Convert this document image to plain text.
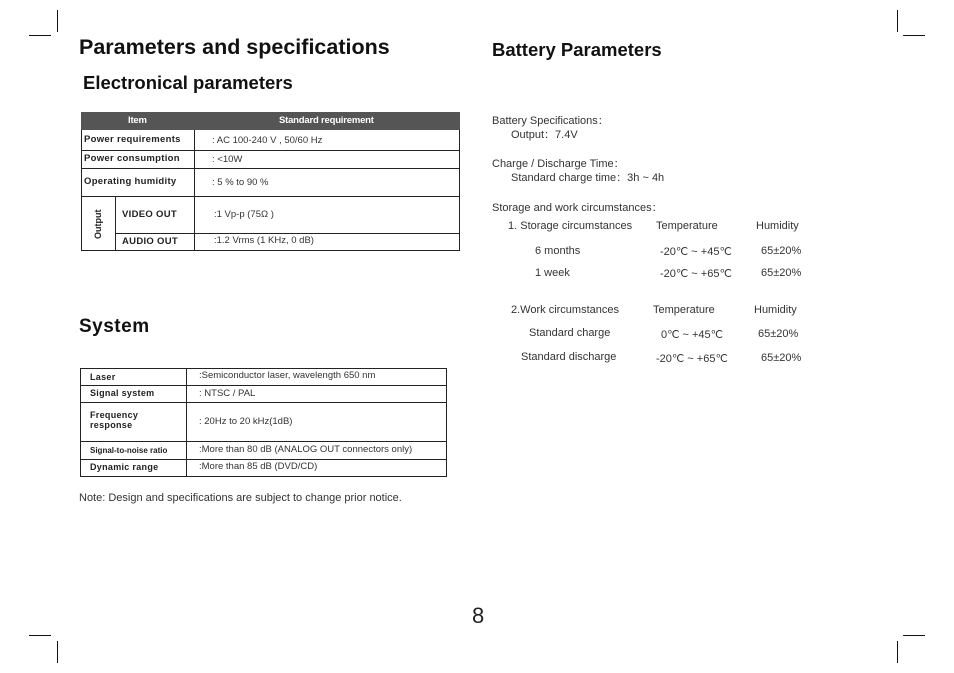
Parameters and specifications
Electronical parameters
Item	Standard requirement
Power requirements	: AC 100-240 V , 50/60 Hz
Power consumption	: <10W
Operating humidity	: 5 % to 90 %
Output VIDEO OUT	:1 Vp-p (75Ω )
AUDIO OUT	:1.2 Vrms (1 KHz, 0 dB)
System
Laser	:Semiconductor laser, wavelength 650 nm
Signal system	: NTSC / PAL
Frequency
response	: 20Hz to 20 kHz(1dB)
Signal-to-noise ratio	:More than 80 dB (ANALOG OUT connectors only)
Dynamic range	:More than 85 dB (DVD/CD)
Note: Design and specifications are subject to change prior notice.
Battery Parameters
Battery Specifications：
Output：7.4V
Charge / Discharge Time：
Standard charge time：3h ~ 4h
Storage and work circumstances：
1. Storage circumstances Temperature	Humidity
6 months	-20℃ ~ +45℃	65±20%
1 week	-20℃ ~ +65℃	65±20%
2.Work circumstances	Temperature	Humidity
Standard charge	0℃ ~ +45℃	65±20%
Standard discharge	-20℃ ~ +65℃	65±20%
8
